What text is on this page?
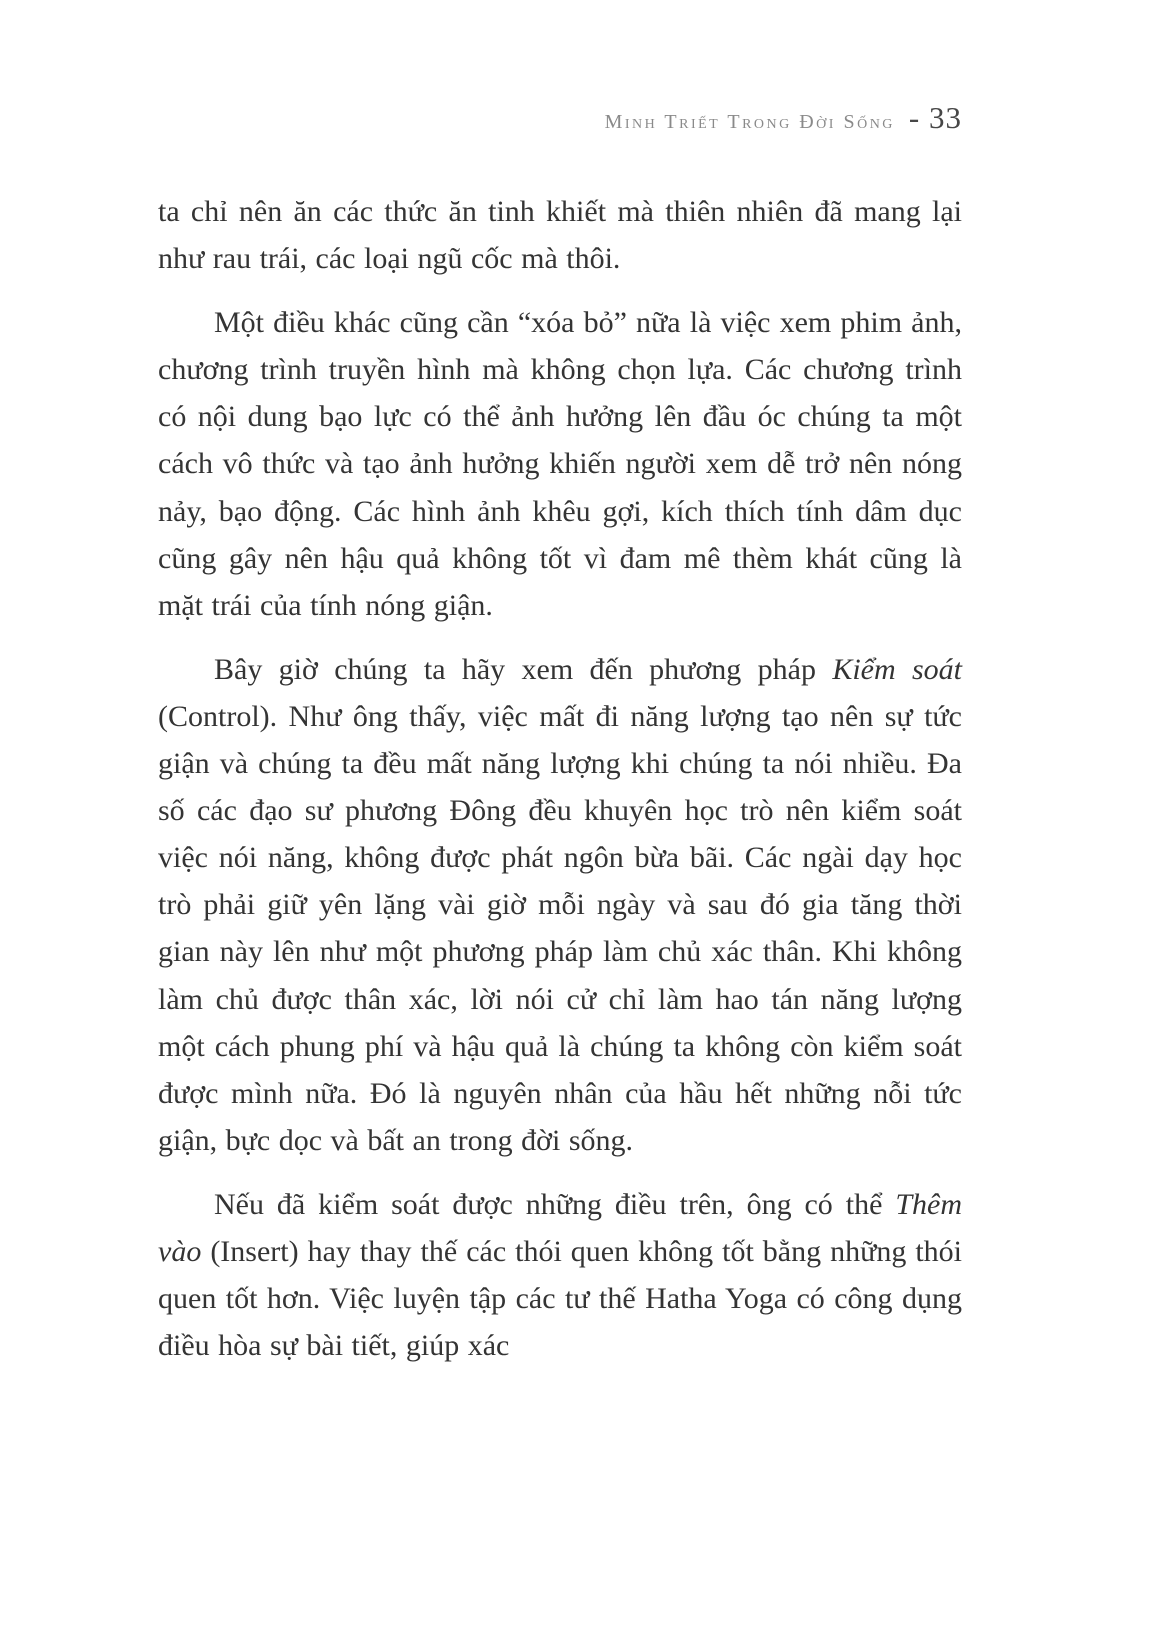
Minh Triết Trong Đời Sống - 33

ta chỉ nên ăn các thức ăn tinh khiết mà thiên nhiên đã mang lại như rau trái, các loại ngũ cốc mà thôi.

Một điều khác cũng cần “xóa bỏ” nữa là việc xem phim ảnh, chương trình truyền hình mà không chọn lựa. Các chương trình có nội dung bạo lực có thể ảnh hưởng lên đầu óc chúng ta một cách vô thức và tạo ảnh hưởng khiến người xem dễ trở nên nóng nảy, bạo động. Các hình ảnh khêu gợi, kích thích tính dâm dục cũng gây nên hậu quả không tốt vì đam mê thèm khát cũng là mặt trái của tính nóng giận.

Bây giờ chúng ta hãy xem đến phương pháp Kiểm soát (Control). Như ông thấy, việc mất đi năng lượng tạo nên sự tức giận và chúng ta đều mất năng lượng khi chúng ta nói nhiều. Đa số các đạo sư phương Đông đều khuyên học trò nên kiểm soát việc nói năng, không được phát ngôn bừa bãi. Các ngài dạy học trò phải giữ yên lặng vài giờ mỗi ngày và sau đó gia tăng thời gian này lên như một phương pháp làm chủ xác thân. Khi không làm chủ được thân xác, lời nói cử chỉ làm hao tán năng lượng một cách phung phí và hậu quả là chúng ta không còn kiểm soát được mình nữa. Đó là nguyên nhân của hầu hết những nỗi tức giận, bực dọc và bất an trong đời sống.

Nếu đã kiểm soát được những điều trên, ông có thể Thêm vào (Insert) hay thay thế các thói quen không tốt bằng những thói quen tốt hơn. Việc luyện tập các tư thế Hatha Yoga có công dụng điều hòa sự bài tiết, giúp xác
